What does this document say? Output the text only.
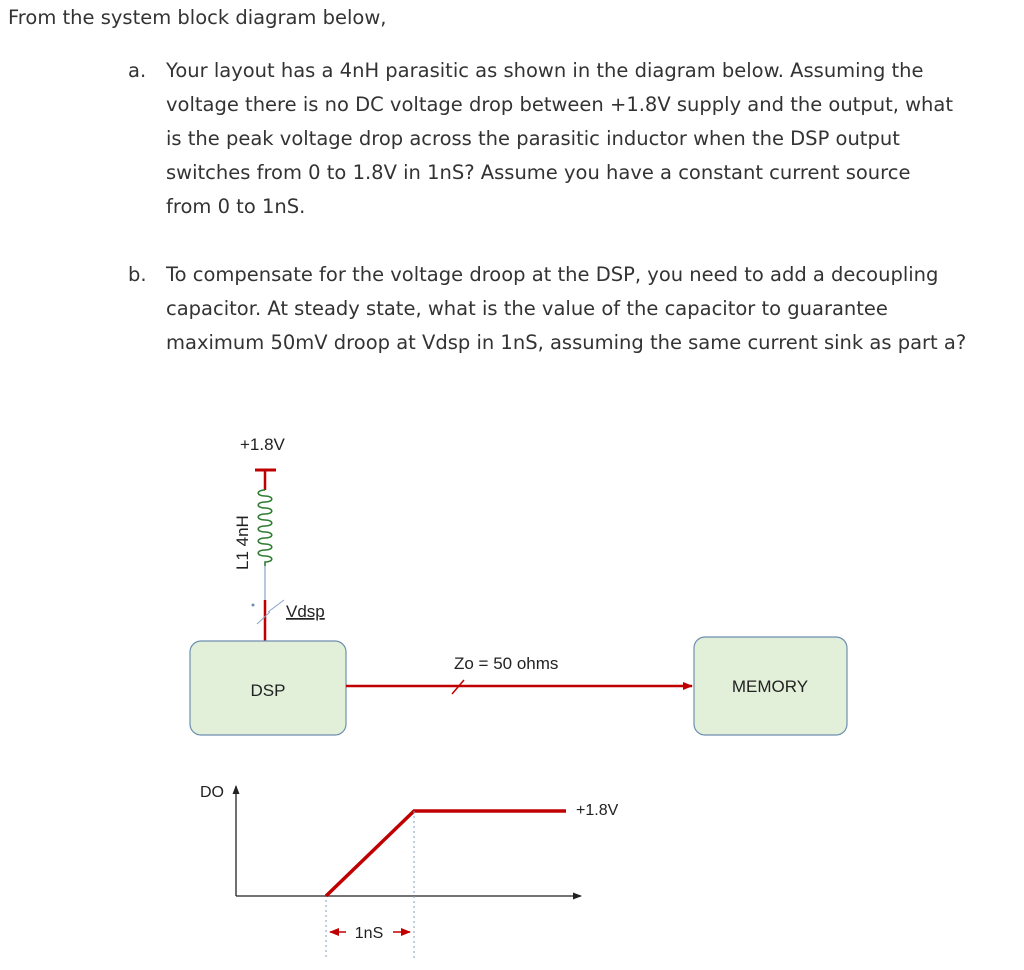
From the system block diagram below,
a. Your layout has a 4nH parasitic as shown in the diagram below. Assuming the
voltage there is no DC voltage drop between +1.8V supply and the output, what
is the peak voltage drop across the parasitic inductor when the DSP output
switches from 0 to 1.8V in 1nS? Assume you have a constant current source
from 0 to 1nS.
b. To compensate for the voltage droop at the DSP, you need to add a decoupling
capacitor. At steady state, what is the value of the capacitor to guarantee
maximum 50mV droop at Vdsp in 1nS, assuming the same current sink as part a?
+1.8V
L1 4nH
Vdsp
DSP
Zo = 50 ohms
MEMORY
DO
+1.8V
1nS
